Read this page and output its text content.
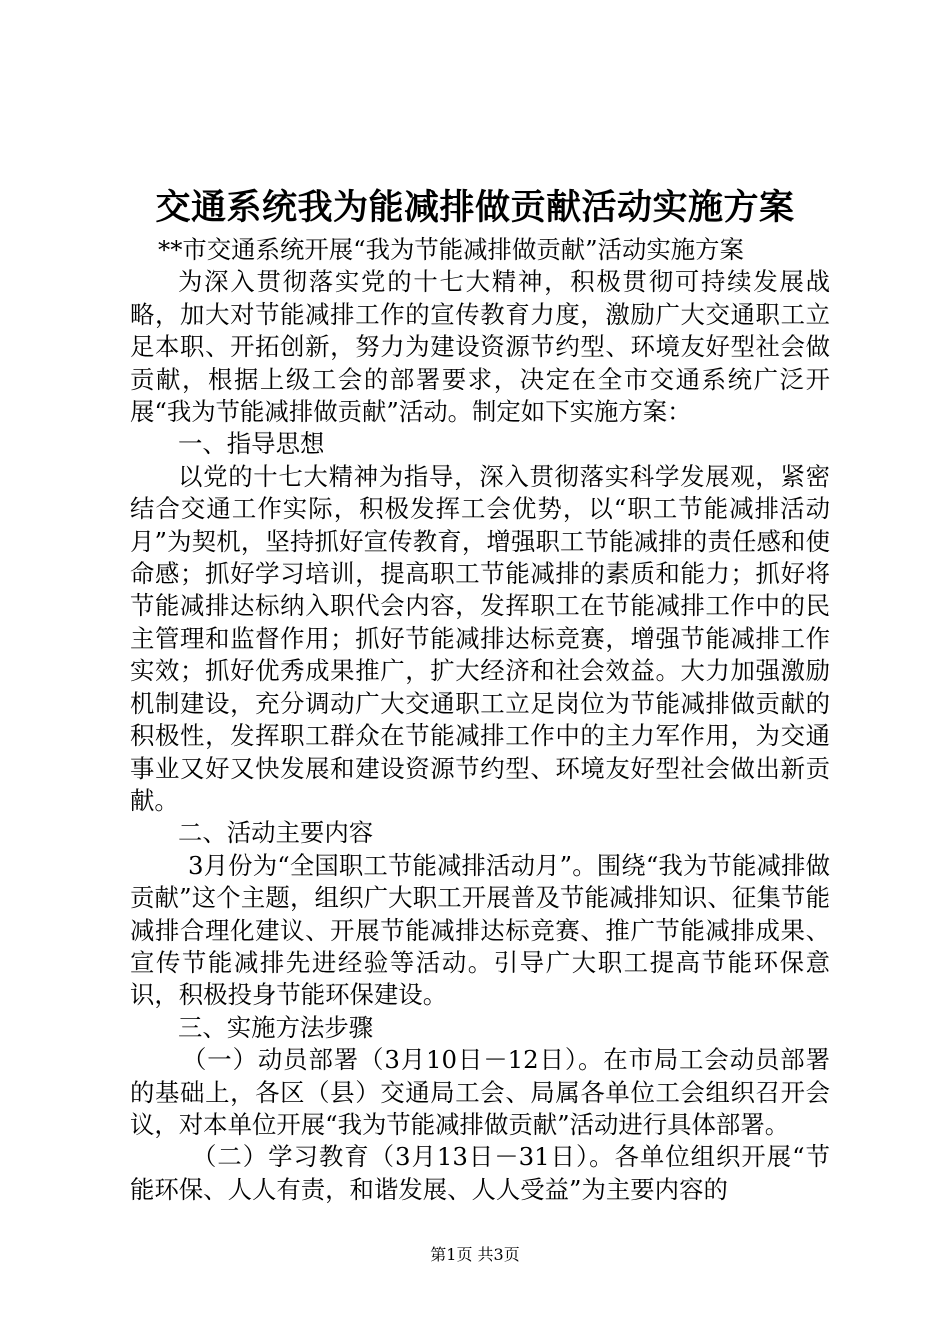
交通系统我为能减排做贡献活动实施方案

**市交通系统开展“我为节能减排做贡献”活动实施方案

为深入贯彻落实党的十七大精神，积极贯彻可持续发展战略，加大对节能减排工作的宣传教育力度，激励广大交通职工立足本职、开拓创新，努力为建设资源节约型、环境友好型社会做贡献，根据上级工会的部署要求，决定在全市交通系统广泛开展“我为节能减排做贡献”活动。制定如下实施方案：

一、指导思想

以党的十七大精神为指导，深入贯彻落实科学发展观，紧密结合交通工作实际，积极发挥工会优势，以“职工节能减排活动月”为契机，坚持抓好宣传教育，增强职工节能减排的责任感和使命感；抓好学习培训，提高职工节能减排的素质和能力；抓好将节能减排达标纳入职代会内容，发挥职工在节能减排工作中的民主管理和监督作用；抓好节能减排达标竞赛，增强节能减排工作实效；抓好优秀成果推广，扩大经济和社会效益。大力加强激励机制建设，充分调动广大交通职工立足岗位为节能减排做贡献的积极性，发挥职工群众在节能减排工作中的主力军作用，为交通事业又好又快发展和建设资源节约型、环境友好型社会做出新贡献。

二、活动主要内容

3月份为“全国职工节能减排活动月”。围绕“我为节能减排做贡献”这个主题，组织广大职工开展普及节能减排知识、征集节能减排合理化建议、开展节能减排达标竞赛、推广节能减排成果、宣传节能减排先进经验等活动。引导广大职工提高节能环保意识，积极投身节能环保建设。

三、实施方法步骤

（一）动员部署（3月10日－12日）。在市局工会动员部署的基础上，各区（县）交通局工会、局属各单位工会组织召开会议，对本单位开展“我为节能减排做贡献”活动进行具体部署。

（二）学习教育（3月13日－31日）。各单位组织开展“节能环保、人人有责，和谐发展、人人受益”为主要内容的

第1页 共3页
